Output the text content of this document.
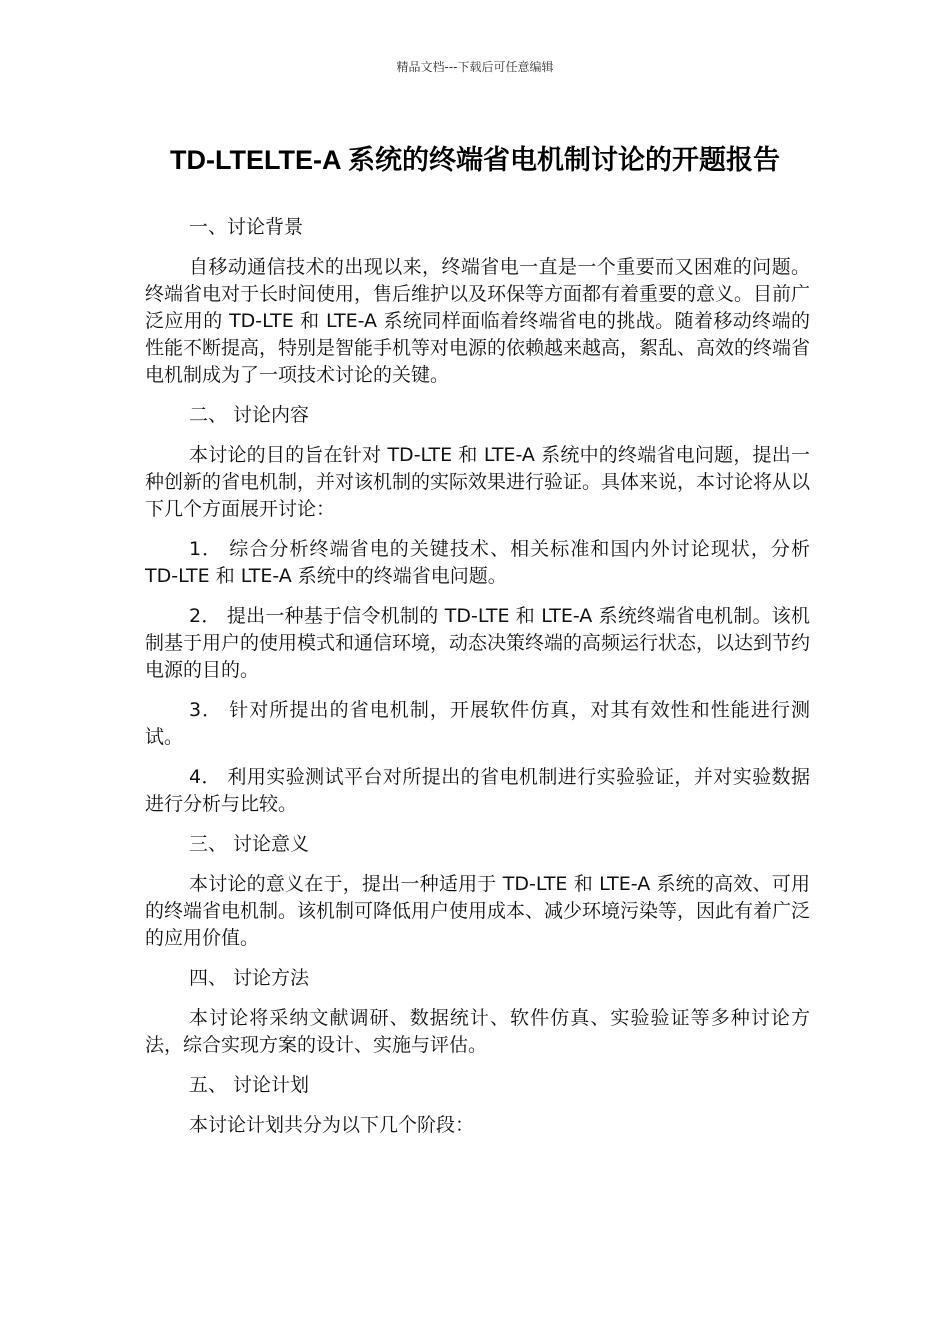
精品文档---下载后可任意编辑
TD-LTELTE-A 系统的终端省电机制讨论的开题报告
一、讨论背景

自移动通信技术的出现以来，终端省电一直是一个重要而又困难的问题。终端省电对于长时间使用，售后维护以及环保等方面都有着重要的意义。目前广泛应用的 TD-LTE 和 LTE-A 系统同样面临着终端省电的挑战。随着移动终端的性能不断提高，特别是智能手机等对电源的依赖越来越高，絮乱、高效的终端省电机制成为了一项技术讨论的关键。

二、 讨论内容

本讨论的目的旨在针对 TD-LTE 和 LTE-A 系统中的终端省电问题，提出一种创新的省电机制，并对该机制的实际效果进行验证。具体来说，本讨论将从以下几个方面展开讨论：

1． 综合分析终端省电的关键技术、相关标准和国内外讨论现状，分析 TD-LTE 和 LTE-A 系统中的终端省电问题。

2． 提出一种基于信令机制的 TD-LTE 和 LTE-A 系统终端省电机制。该机制基于用户的使用模式和通信环境，动态决策终端的高频运行状态，以达到节约电源的目的。

3． 针对所提出的省电机制，开展软件仿真，对其有效性和性能进行测试。

4． 利用实验测试平台对所提出的省电机制进行实验验证，并对实验数据进行分析与比较。

三、 讨论意义

本讨论的意义在于，提出一种适用于 TD-LTE 和 LTE-A 系统的高效、可用的终端省电机制。该机制可降低用户使用成本、减少环境污染等，因此有着广泛的应用价值。

四、 讨论方法

本讨论将采纳文献调研、数据统计、软件仿真、实验验证等多种讨论方法，综合实现方案的设计、实施与评估。

五、 讨论计划

本讨论计划共分为以下几个阶段：
